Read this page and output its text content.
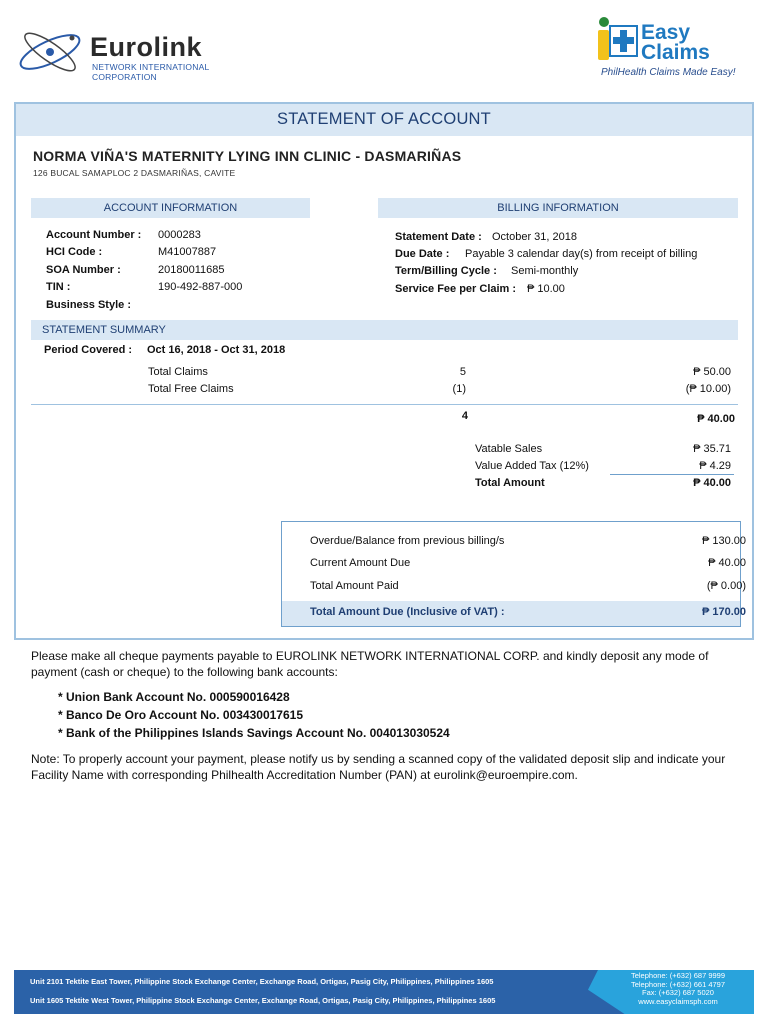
Eurolink
NETWORK INTERNATIONAL CORPORATION
Easy
Claims
PhilHealth Claims Made Easy!
STATEMENT OF ACCOUNT
NORMA VIÑA'S MATERNITY LYING INN CLINIC - DASMARIÑAS
126 BUCAL SAMAPLOC 2 DASMARIÑAS, CAVITE
ACCOUNT INFORMATION
Account Number : 0000283
HCI Code :	M41007887
SOA Number :	20180011685
TIN :	190-492-887-000
Business Style :
BILLING INFORMATION
Statement Date : October 31, 2018
Due Date : Payable 3 calendar day(s) from receipt of billing
Term/Billing Cycle : Semi-monthly
Service Fee per Claim : ₱ 10.00
STATEMENT SUMMARY
Period Covered : Oct 16, 2018 - Oct 31, 2018
Total Claims	5	₱ 50.00
Total Free Claims	(1)	(₱ 10.00)
4	₱ 40.00
Vatable Sales	₱ 35.71
Value Added Tax (12%)	₱ 4.29
Total Amount	₱ 40.00
Overdue/Balance from previous billing/s	₱ 130.00
Current Amount Due	₱ 40.00
Total Amount Paid	(₱ 0.00)
Total Amount Due (Inclusive of VAT) :	₱ 170.00
Please make all cheque payments payable to EUROLINK NETWORK INTERNATIONAL CORP. and kindly deposit any mode of payment (cash or cheque) to the following bank accounts:
* Union Bank Account No. 000590016428
* Banco De Oro Account No. 003430017615
* Bank of the Philippines Islands Savings Account No. 004013030524
Note: To properly account your payment, please notify us by sending a scanned copy of the validated deposit slip and indicate your Facility Name with corresponding Philhealth Accreditation Number (PAN) at eurolink@euroempire.com.
Unit 2101 Tektite East Tower, Philippine Stock Exchange Center, Exchange Road, Ortigas, Pasig City, Philippines, Philippines 1605
Unit 1605 Tektite West Tower, Philippine Stock Exchange Center, Exchange Road, Ortigas, Pasig City, Philippines, Philippines 1605
Telephone: (+632) 687 9999
Telephone: (+632) 661 4797
Fax: (+632) 687 5020
www.easyclaimsph.com
